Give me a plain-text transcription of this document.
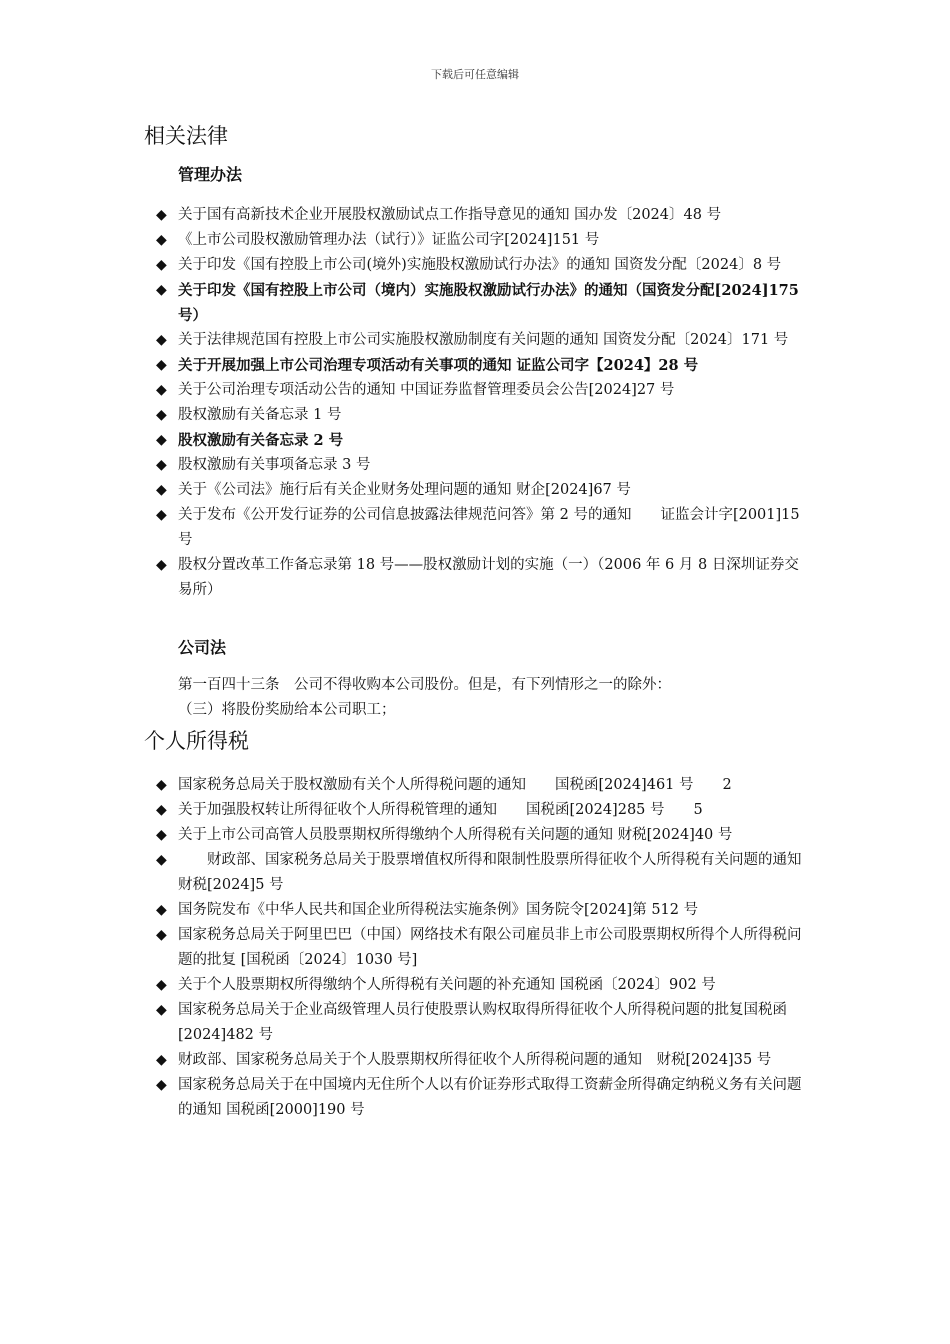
下载后可任意编辑
相关法律
管理办法
◆ 关于国有高新技术企业开展股权激励试点工作指导意见的通知 国办发〔2024〕48 号
◆ 《上市公司股权激励管理办法（试行）》证监公司字[2024]151 号
◆ 关于印发《国有控股上市公司(境外)实施股权激励试行办法》的通知 国资发分配〔2024〕8 号
◆ 关于印发《国有控股上市公司（境内）实施股权激励试行办法》的通知（国资发分配[2024]175 号）
◆ 关于法律规范国有控股上市公司实施股权激励制度有关问题的通知 国资发分配〔2024〕171 号
◆ 关于开展加强上市公司治理专项活动有关事项的通知 证监公司字【2024】28 号
◆ 关于公司治理专项活动公告的通知 中国证券监督管理委员会公告[2024]27 号
◆ 股权激励有关备忘录 1 号
◆ 股权激励有关备忘录 2 号
◆ 股权激励有关事项备忘录 3 号
◆ 关于《公司法》施行后有关企业财务处理问题的通知 财企[2024]67 号
◆ 关于发布《公开发行证券的公司信息披露法律规范问答》第 2 号的通知　　证监会计字[2001]15 号
◆ 股权分置改革工作备忘录第 18 号——股权激励计划的实施（一）（2006 年 6 月 8 日深圳证券交易所）
公司法

第一百四十三条　公司不得收购本公司股份。但是，有下列情形之一的除外：

（三）将股份奖励给本公司职工；

个人所得税
◆ 国家税务总局关于股权激励有关个人所得税问题的通知　　国税函[2024]461 号　　2
◆ 关于加强股权转让所得征收个人所得税管理的通知　　国税函[2024]285 号　　5
◆ 关于上市公司高管人员股票期权所得缴纳个人所得税有关问题的通知 财税[2024]40 号
◆ 　　财政部、国家税务总局关于股票增值权所得和限制性股票所得征收个人所得税有关问题的通知　　财税[2024]5 号
◆ 国务院发布《中华人民共和国企业所得税法实施条例》国务院令[2024]第 512 号
◆ 国家税务总局关于阿里巴巴（中国）网络技术有限公司雇员非上市公司股票期权所得个人所得税问题的批复 [国税函〔2024〕1030 号]
◆ 关于个人股票期权所得缴纳个人所得税有关问题的补充通知 国税函〔2024〕902 号
◆ 国家税务总局关于企业高级管理人员行使股票认购权取得所得征收个人所得税问题的批复国税函[2024]482 号
◆ 财政部、国家税务总局关于个人股票期权所得征收个人所得税问题的通知　财税[2024]35 号
◆ 国家税务总局关于在中国境内无住所个人以有价证券形式取得工资薪金所得确定纳税义务有关问题的通知 国税函[2000]190 号
